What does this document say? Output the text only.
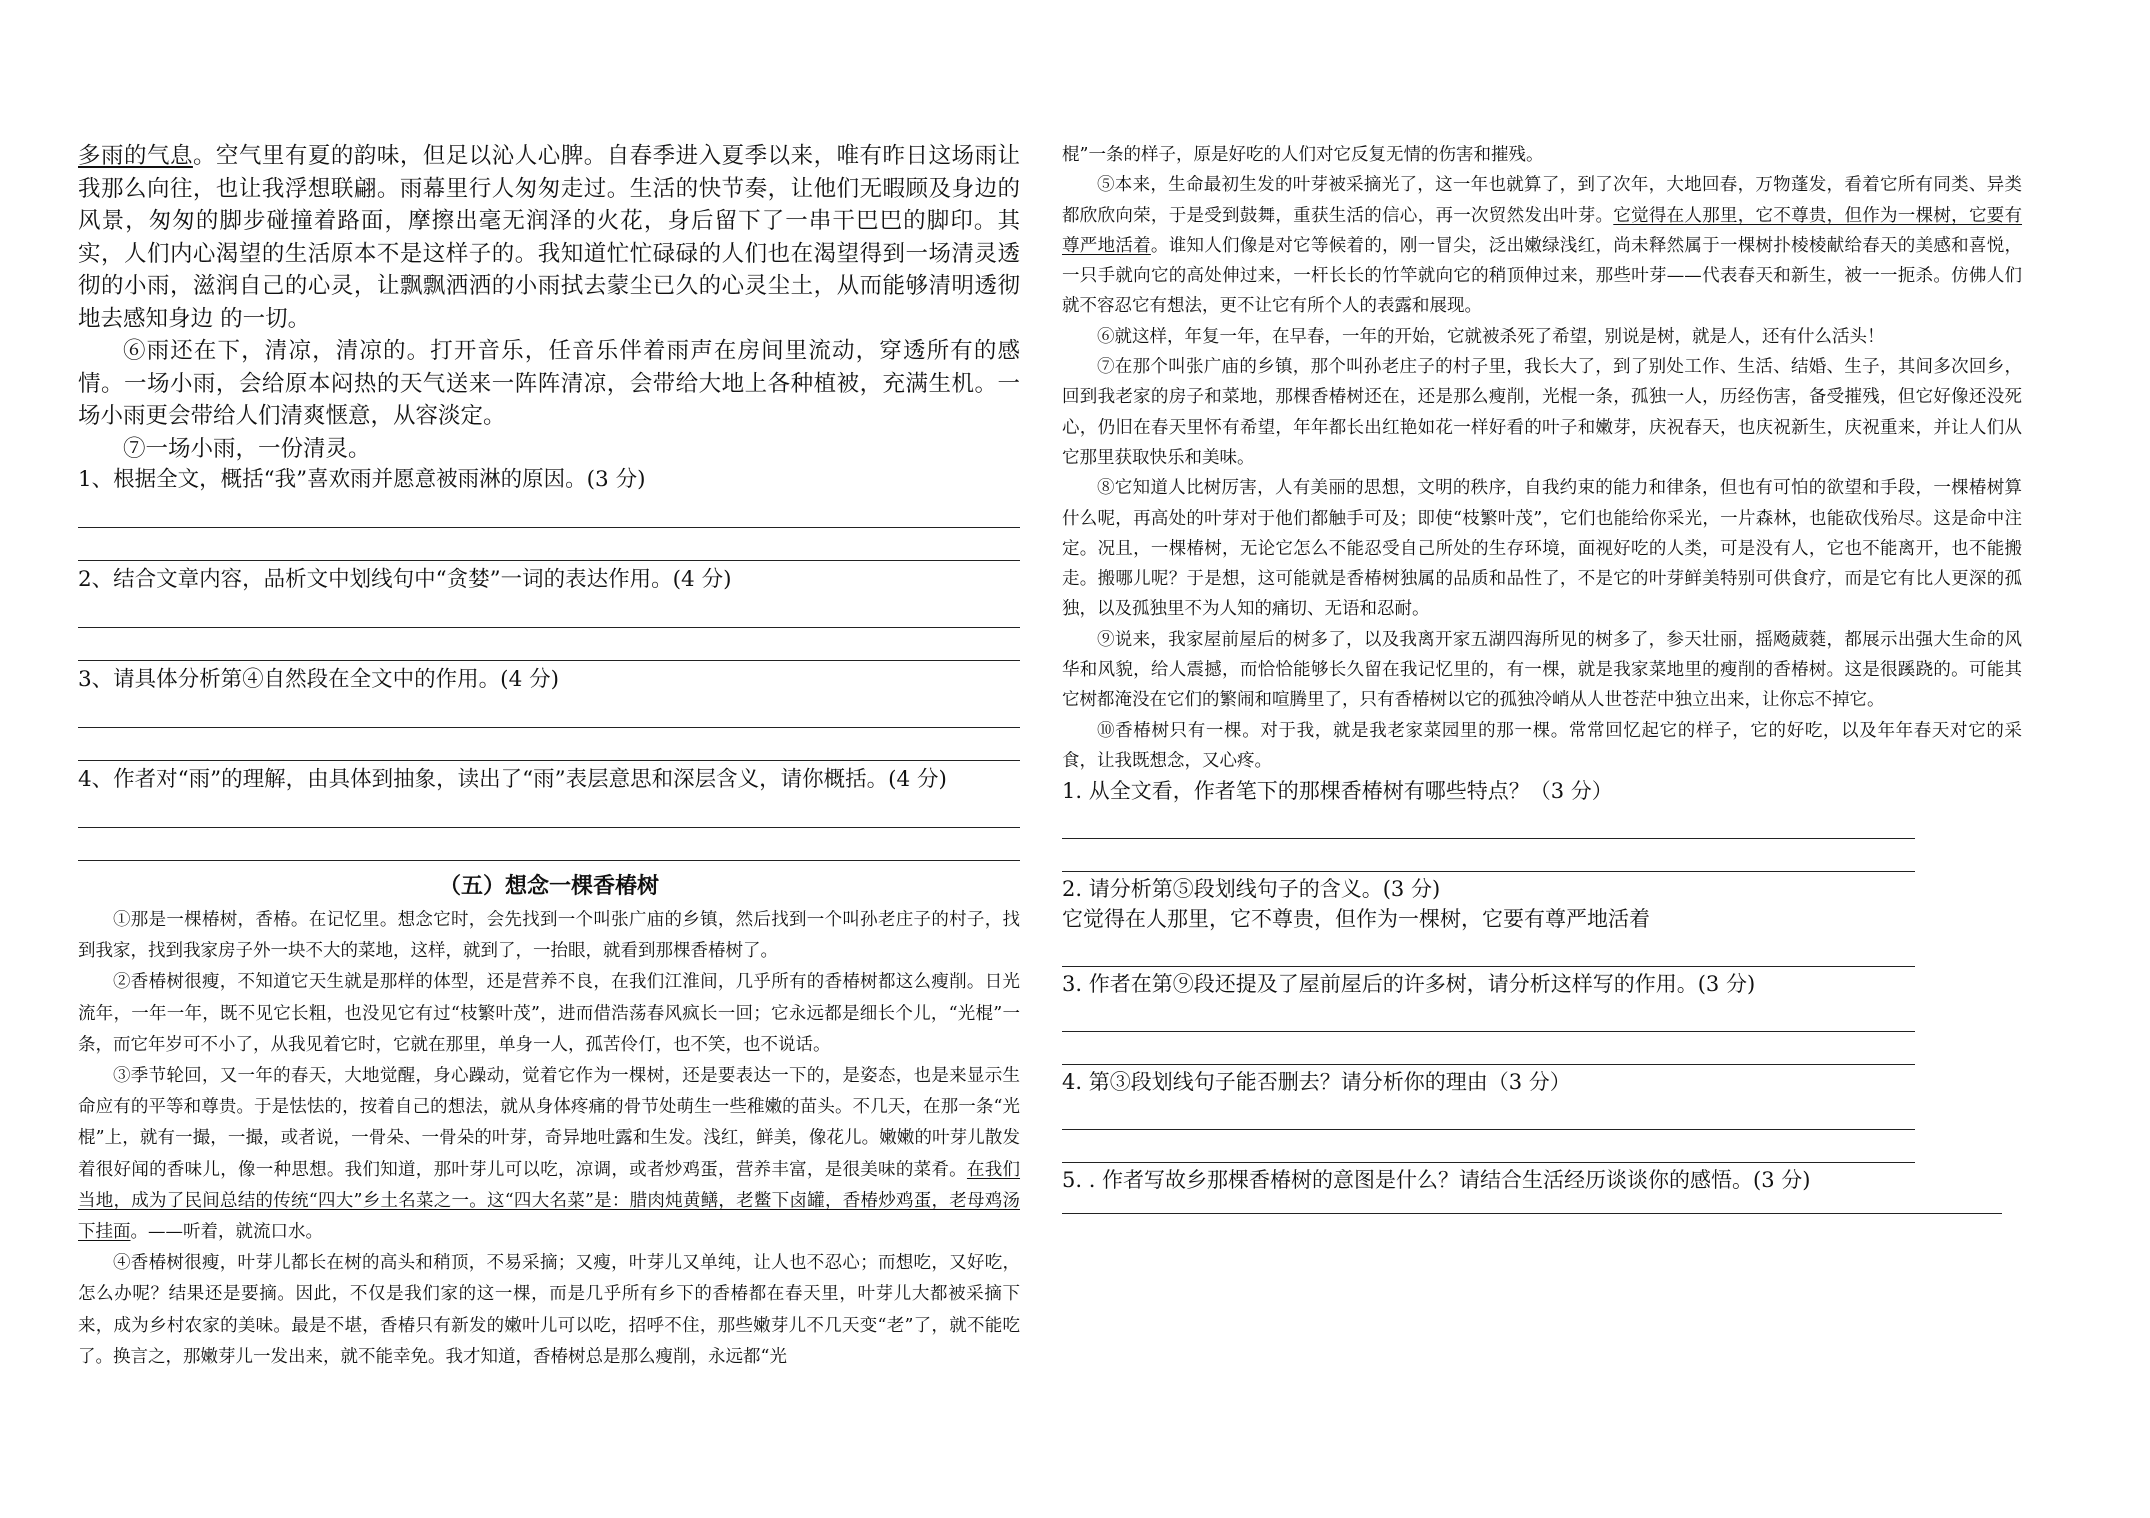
多雨的气息。空气里有夏的韵味，但足以沁人心脾。自春季进入夏季以来，唯有昨日这场雨让我那么向往，也让我浮想联翩。雨幕里行人匆匆走过。生活的快节奏，让他们无暇顾及身边的风景，匆匆的脚步碰撞着路面，摩擦出毫无润泽的火花，身后留下了一串干巴巴的脚印。其实，人们内心渴望的生活原本不是这样子的。我知道忙忙碌碌的人们也在渴望得到一场清灵透彻的小雨，滋润自己的心灵，让飘飘洒洒的小雨拭去蒙尘已久的心灵尘土，从而能够清明透彻地去感知身边 的一切。

⑥雨还在下，清凉，清凉的。打开音乐，任音乐伴着雨声在房间里流动，穿透所有的感情。一场小雨，会给原本闷热的天气送来一阵阵清凉，会带给大地上各种植被，充满生机。一场小雨更会带给人们清爽惬意，从容淡定。

⑦一场小雨，一份清灵。

1、根据全文，概括“我”喜欢雨并愿意被雨淋的原因。(3 分)

2、结合文章内容，品析文中划线句中“贪婪”一词的表达作用。(4 分)

3、请具体分析第④自然段在全文中的作用。(4 分)

4、作者对“雨”的理解，由具体到抽象，读出了“雨”表层意思和深层含义，请你概括。(4 分)

（五）想念一棵香椿树

①那是一棵椿树，香椿。在记忆里。想念它时，会先找到一个叫张广庙的乡镇，然后找到一个叫孙老庄子的村子，找到我家，找到我家房子外一块不大的菜地，这样，就到了，一抬眼，就看到那棵香椿树了。

②香椿树很瘦，不知道它天生就是那样的体型，还是营养不良，在我们江淮间，几乎所有的香椿树都这么瘦削。日光流年，一年一年，既不见它长粗，也没见它有过“枝繁叶茂”，进而借浩荡春风疯长一回；它永远都是细长个儿，“光棍”一条，而它年岁可不小了，从我见着它时，它就在那里，单身一人，孤苦伶仃，也不笑，也不说话。

③季节轮回，又一年的春天，大地觉醒，身心躁动，觉着它作为一棵树，还是要表达一下的，是姿态，也是来显示生命应有的平等和尊贵。于是怯怯的，按着自己的想法，就从身体疼痛的骨节处萌生一些稚嫩的苗头。不几天，在那一条“光棍”上，就有一撮，一撮，或者说，一骨朵、一骨朵的叶芽，奇异地吐露和生发。浅红，鲜美，像花儿。嫩嫩的叶芽儿散发着很好闻的香味儿，像一种思想。我们知道，那叶芽儿可以吃，凉调，或者炒鸡蛋，营养丰富，是很美味的菜肴。在我们当地，成为了民间总结的传统“四大”乡土名菜之一。这“四大名菜”是：腊肉炖黄鳝，老鳖下卤罐，香椿炒鸡蛋，老母鸡汤下挂面。——听着，就流口水。

④香椿树很瘦，叶芽儿都长在树的高头和稍顶，不易采摘；又瘦，叶芽儿又单纯，让人也不忍心；而想吃，又好吃，怎么办呢？结果还是要摘。因此，不仅是我们家的这一棵，而是几乎所有乡下的香椿都在春天里，叶芽儿大都被采摘下来，成为乡村农家的美味。最是不堪，香椿只有新发的嫩叶儿可以吃，招呼不住，那些嫩芽儿不几天变“老”了，就不能吃了。换言之，那嫩芽儿一发出来，就不能幸免。我才知道，香椿树总是那么瘦削，永远都“光

棍”一条的样子，原是好吃的人们对它反复无情的伤害和摧残。

⑤本来，生命最初生发的叶芽被采摘光了，这一年也就算了，到了次年，大地回春，万物蓬发，看着它所有同类、异类都欣欣向荣，于是受到鼓舞，重获生活的信心，再一次贸然发出叶芽。它觉得在人那里，它不尊贵，但作为一棵树，它要有尊严地活着。谁知人们像是对它等候着的，刚一冒尖，泛出嫩绿浅红，尚未释然属于一棵树扑棱棱献给春天的美感和喜悦，一只手就向它的高处伸过来，一杆长长的竹竿就向它的稍顶伸过来，那些叶芽——代表春天和新生，被一一扼杀。仿佛人们就不容忍它有想法，更不让它有所个人的表露和展现。

⑥就这样，年复一年，在早春，一年的开始，它就被杀死了希望，别说是树，就是人，还有什么活头！

⑦在那个叫张广庙的乡镇，那个叫孙老庄子的村子里，我长大了，到了别处工作、生活、结婚、生子，其间多次回乡，回到我老家的房子和菜地，那棵香椿树还在，还是那么瘦削，光棍一条，孤独一人，历经伤害，备受摧残，但它好像还没死心，仍旧在春天里怀有希望，年年都长出红艳如花一样好看的叶子和嫩芽，庆祝春天，也庆祝新生，庆祝重来，并让人们从它那里获取快乐和美味。

⑧它知道人比树厉害，人有美丽的思想，文明的秩序，自我约束的能力和律条，但也有可怕的欲望和手段，一棵椿树算什么呢，再高处的叶芽对于他们都触手可及；即使“枝繁叶茂”，它们也能给你采光，一片森林，也能砍伐殆尽。这是命中注定。况且，一棵椿树，无论它怎么不能忍受自己所处的生存环境，面视好吃的人类，可是没有人，它也不能离开，也不能搬走。搬哪儿呢？于是想，这可能就是香椿树独属的品质和品性了，不是它的叶芽鲜美特别可供食疗，而是它有比人更深的孤独，以及孤独里不为人知的痛切、无语和忍耐。

⑨说来，我家屋前屋后的树多了，以及我离开家五湖四海所见的树多了，参天壮丽，摇飏葳蕤，都展示出强大生命的风华和风貌，给人震撼，而恰恰能够长久留在我记忆里的，有一棵，就是我家菜地里的瘦削的香椿树。这是很蹊跷的。可能其它树都淹没在它们的繁闹和喧腾里了，只有香椿树以它的孤独冷峭从人世苍茫中独立出来，让你忘不掉它。

⑩香椿树只有一棵。对于我，就是我老家菜园里的那一棵。常常回忆起它的样子，它的好吃，以及年年春天对它的采食，让我既想念，又心疼。

1. 从全文看，作者笔下的那棵香椿树有哪些特点？（3 分）

2. 请分析第⑤段划线句子的含义。(3 分)

它觉得在人那里，它不尊贵，但作为一棵树，它要有尊严地活着

3. 作者在第⑨段还提及了屋前屋后的许多树，请分析这样写的作用。(3 分)

4. 第③段划线句子能否删去？请分析你的理由（3 分）

5. . 作者写故乡那棵香椿树的意图是什么？请结合生活经历谈谈你的感悟。(3 分)
